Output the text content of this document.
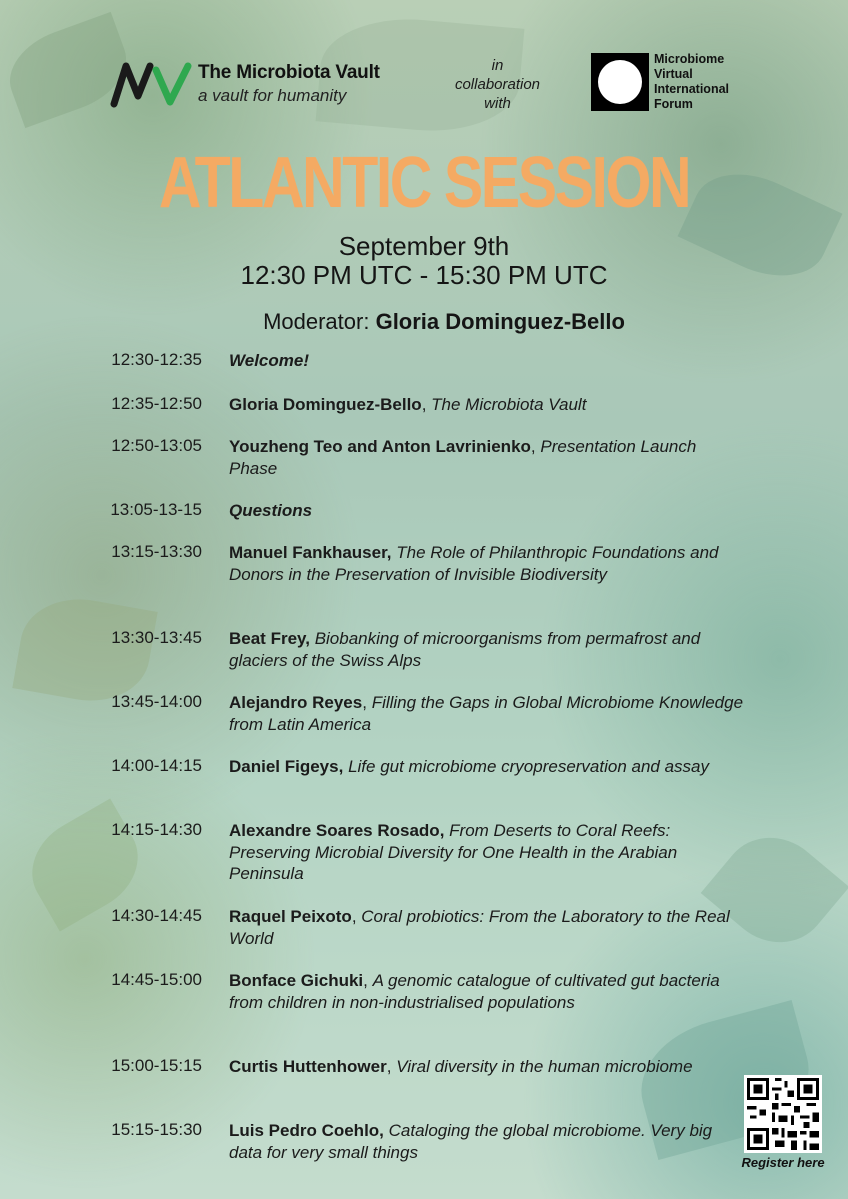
The Microbiota Vault
a vault for humanity
in
collaboration
with
Microbiome
Virtual
International
Forum
ATLANTIC SESSION
September 9th
12:30 PM UTC - 15:30 PM UTC
Moderator: Gloria Dominguez-Bello
12:30-12:35 Welcome!
12:35-12:50 Gloria Dominguez-Bello, The Microbiota Vault
12:50-13:05 Youzheng Teo and Anton Lavrinienko, Presentation Launch Phase
13:05-13-15 Questions
13:15-13:30 Manuel Fankhauser, The Role of Philanthropic Foundations and Donors in the Preservation of Invisible Biodiversity
13:30-13:45 Beat Frey, Biobanking of microorganisms from permafrost and glaciers of the Swiss Alps
13:45-14:00 Alejandro Reyes, Filling the Gaps in Global Microbiome Knowledge from Latin America
14:00-14:15 Daniel Figeys, Life gut microbiome cryopreservation and assay
14:15-14:30 Alexandre Soares Rosado, From Deserts to Coral Reefs: Preserving Microbial Diversity for One Health in the Arabian Peninsula
14:30-14:45 Raquel Peixoto, Coral probiotics: From the Laboratory to the Real World
14:45-15:00 Bonface Gichuki, A genomic catalogue of cultivated gut bacteria from children in non-industrialised populations
15:00-15:15 Curtis Huttenhower, Viral diversity in the human microbiome
15:15-15:30 Luis Pedro Coehlo, Cataloging the global microbiome. Very big data for very small things
Register here
